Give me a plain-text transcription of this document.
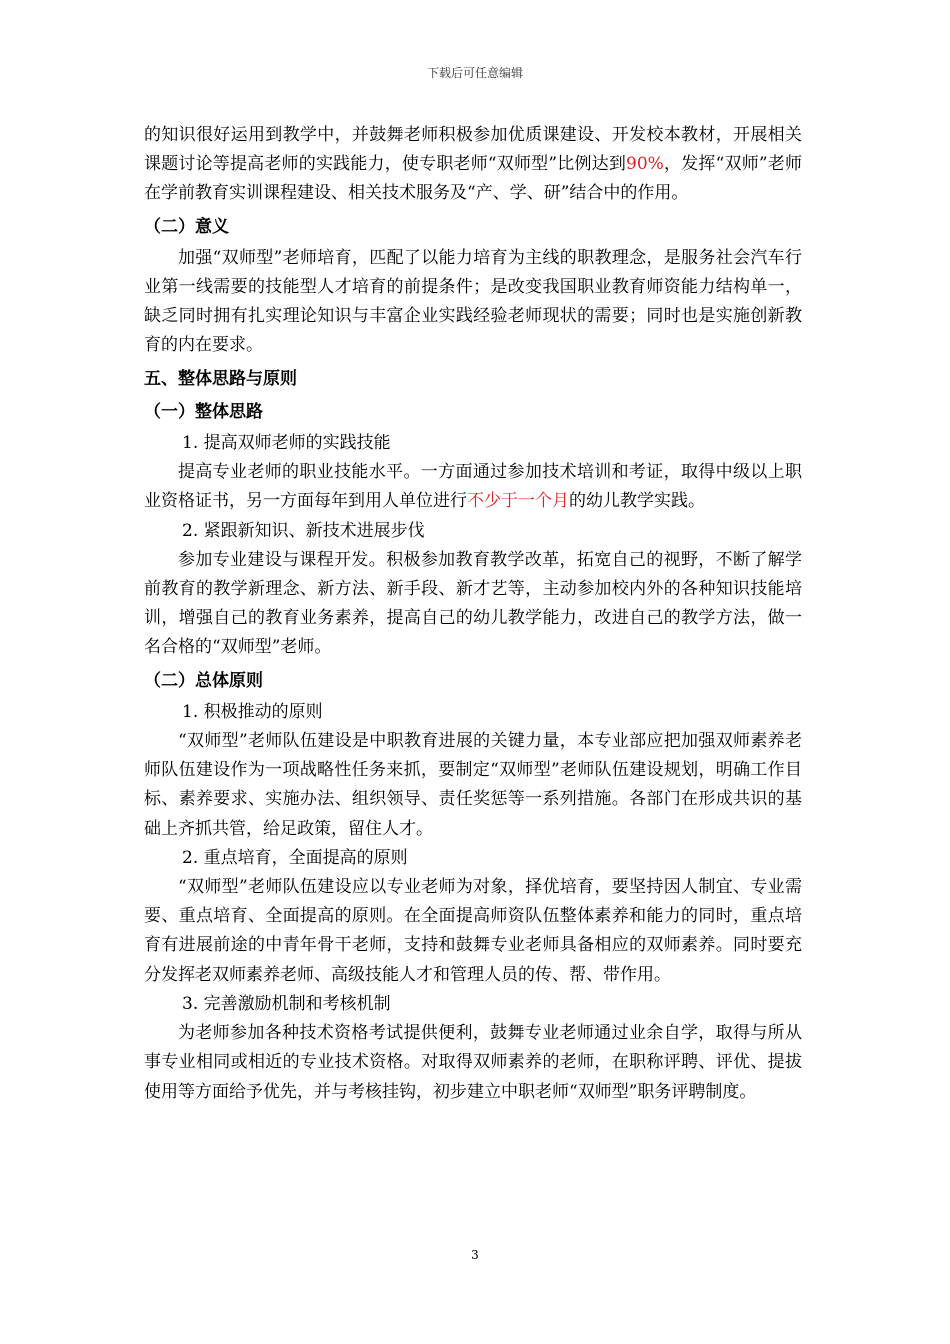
下载后可任意编辑

的知识很好运用到教学中，并鼓舞老师积极参加优质课建设、开发校本教材，开展相关课题讨论等提高老师的实践能力，使专职老师“双师型”比例达到90%，发挥“双师”老师在学前教育实训课程建设、相关技术服务及“产、学、研”结合中的作用。

（二）意义

加强“双师型”老师培育，匹配了以能力培育为主线的职教理念，是服务社会汽车行业第一线需要的技能型人才培育的前提条件；是改变我国职业教育师资能力结构单一，缺乏同时拥有扎实理论知识与丰富企业实践经验老师现状的需要；同时也是实施创新教育的内在要求。

五、整体思路与原则

（一）整体思路

1. 提高双师老师的实践技能

提高专业老师的职业技能水平。一方面通过参加技术培训和考证，取得中级以上职业资格证书，另一方面每年到用人单位进行不少于一个月的幼儿教学实践。

2. 紧跟新知识、新技术进展步伐

参加专业建设与课程开发。积极参加教育教学改革，拓宽自己的视野，不断了解学前教育的教学新理念、新方法、新手段、新才艺等，主动参加校内外的各种知识技能培训，增强自己的教育业务素养，提高自己的幼儿教学能力，改进自己的教学方法，做一名合格的“双师型”老师。

（二）总体原则

1. 积极推动的原则

“双师型”老师队伍建设是中职教育进展的关键力量，本专业部应把加强双师素养老师队伍建设作为一项战略性任务来抓，要制定“双师型”老师队伍建设规划，明确工作目标、素养要求、实施办法、组织领导、责任奖惩等一系列措施。各部门在形成共识的基础上齐抓共管，给足政策，留住人才。

2. 重点培育，全面提高的原则

“双师型”老师队伍建设应以专业老师为对象，择优培育，要坚持因人制宜、专业需要、重点培育、全面提高的原则。在全面提高师资队伍整体素养和能力的同时，重点培育有进展前途的中青年骨干老师，支持和鼓舞专业老师具备相应的双师素养。同时要充分发挥老双师素养老师、高级技能人才和管理人员的传、帮、带作用。

3. 完善激励机制和考核机制

为老师参加各种技术资格考试提供便利，鼓舞专业老师通过业余自学，取得与所从事专业相同或相近的专业技术资格。对取得双师素养的老师，在职称评聘、评优、提拔使用等方面给予优先，并与考核挂钩，初步建立中职老师“双师型”职务评聘制度。

3
